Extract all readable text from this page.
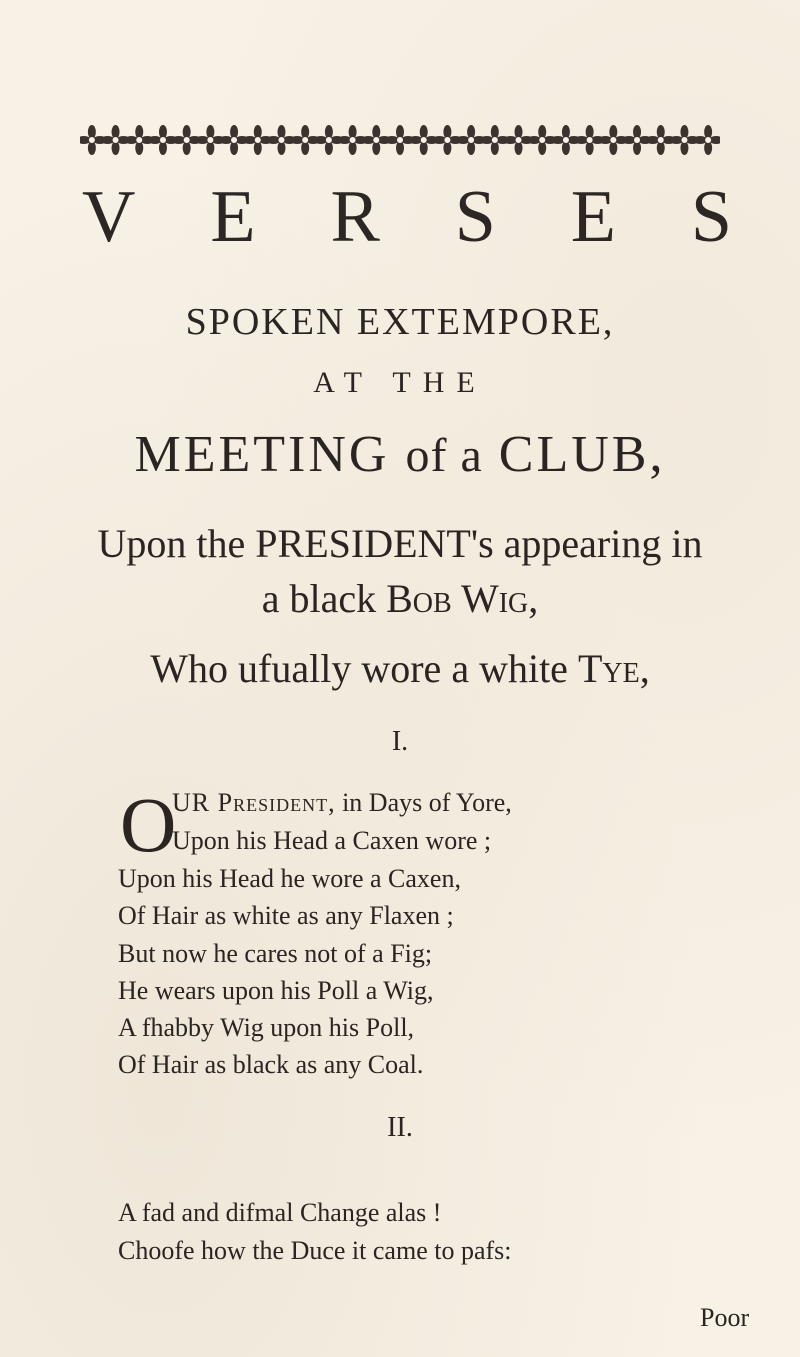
V E R S E S
SPOKEN EXTEMPORE,
AT THE
MEETING of a CLUB,
Upon the PRESIDENT's appearing in
a black Bob Wig,
Who ufually wore a white Tye,
I.
O
UR President, in Days of Yore,
Upon his Head a Caxen wore ;
Upon his Head he wore a Caxen,
Of Hair as white as any Flaxen ;
But now he cares not of a Fig;
He wears upon his Poll a Wig,
A fhabby Wig upon his Poll,
Of Hair as black as any Coal.
II.
A fad and difmal Change alas !
Choofe how the Duce it came to pafs:
Poor
